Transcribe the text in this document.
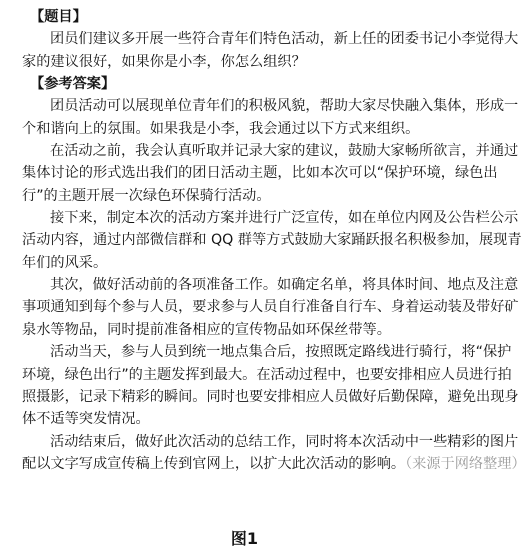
【题目】
团员们建议多开展一些符合青年们特色活动，新上任的团委书记小李觉得大
家的建议很好，如果你是小李，你怎么组织？
【参考答案】
团员活动可以展现单位青年们的积极风貌，帮助大家尽快融入集体，形成一
个和谐向上的氛围。如果我是小李，我会通过以下方式来组织。
在活动之前，我会认真听取并记录大家的建议，鼓励大家畅所欲言，并通过
集体讨论的形式选出我们的团日活动主题，比如本次可以“保护环境，绿色出
行”的主题开展一次绿色环保骑行活动。
接下来，制定本次的活动方案并进行广泛宣传，如在单位内网及公告栏公示
活动内容，通过内部微信群和 QQ 群等方式鼓励大家踊跃报名积极参加，展现青
年们的风采。
其次，做好活动前的各项准备工作。如确定名单，将具体时间、地点及注意
事项通知到每个参与人员，要求参与人员自行准备自行车、身着运动装及带好矿
泉水等物品，同时提前准备相应的宣传物品如环保丝带等。
活动当天，参与人员到统一地点集合后，按照既定路线进行骑行，将“保护
环境，绿色出行”的主题发挥到最大。在活动过程中，也要安排相应人员进行拍
照摄影，记录下精彩的瞬间。同时也要安排相应人员做好后勤保障，避免出现身
体不适等突发情况。
活动结束后，做好此次活动的总结工作，同时将本次活动中一些精彩的图片
配以文字写成宣传稿上传到官网上，以扩大此次活动的影响。（来源于网络整理）
图1
